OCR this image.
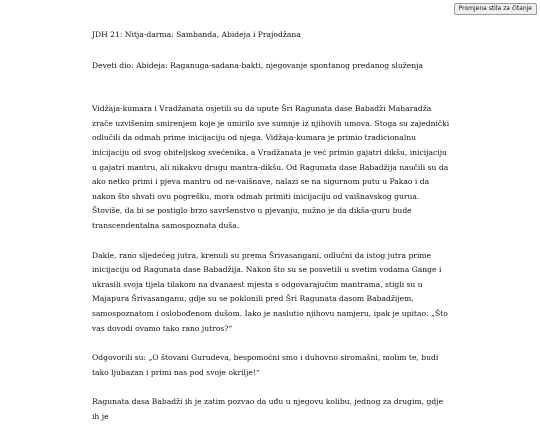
Promjena stila za čitanje

JDH 21: Nitja-darma: Sambanda, Abideja i Prajodžana

Deveti dio: Abideja: Raganuga-sadana-bakti, njegovanje spontanog predanog služenja

Vidžaja-kumara i Vradžanata osjetili su da upute Šri Ragunata dase Babadži Maharadža zrače uzvišenim smirenjem koje je umirilo sve sumnje iz njihovih umova. Stoga su zajednički odlučili da odmah prime inicijaciju od njega. Vidžaja-kumara je primio tradicionalnu inicijaciju od svog obiteljskog svećenika, a Vradžanata je već primio gajatri dikšu, inicijaciju u gajatri mantru, ali nikakvu drugu mantra-dikšu. Od Ragunata dase Babadžija naučili su da ako netko primi i pjeva mantru od ne-vaišnave, nalazi se na sigurnom putu u Pakao i da nakon što shvati ovu pogrešku, mora odmah primiti inicijaciju od vaišnavskog gurua. Štoviše, da bi se postiglo brzo savršenstvo u pjevanju, nužno je da dikša-guru bude transcendentalna samospoznata duša.

Dakle, rano sljedećeg jutra, krenuli su prema Šrivasangani, odlučni da istog jutra prime inicijaciju od Ragunata dase Babadžija. Nakon što su se posvetili u svetim vodama Gange i ukrasili svoja tijela tilakom na dvanaest mjesta s odgovarajućim mantrama, stigli su u Majapura Šrivasanganu, gdje su se poklonili pred Šri Ragunata dasom Babadžijem, samospoznatom i oslobođenom dušom. Iako je naslutio njihovu namjeru, ipak je upitao: „Što vas dovodi ovamo tako rano jutros?“

Odgovorili su: „O štovani Gurudeva, bespomoćni smo i duhovno siromašni, molim te, budi tako ljubazan i primi nas pod svoje okrilje!“

Ragunata dasa Babadži ih je zatim pozvao da uđu u njegovu kolibu, jednog za drugim, gdje ih je
